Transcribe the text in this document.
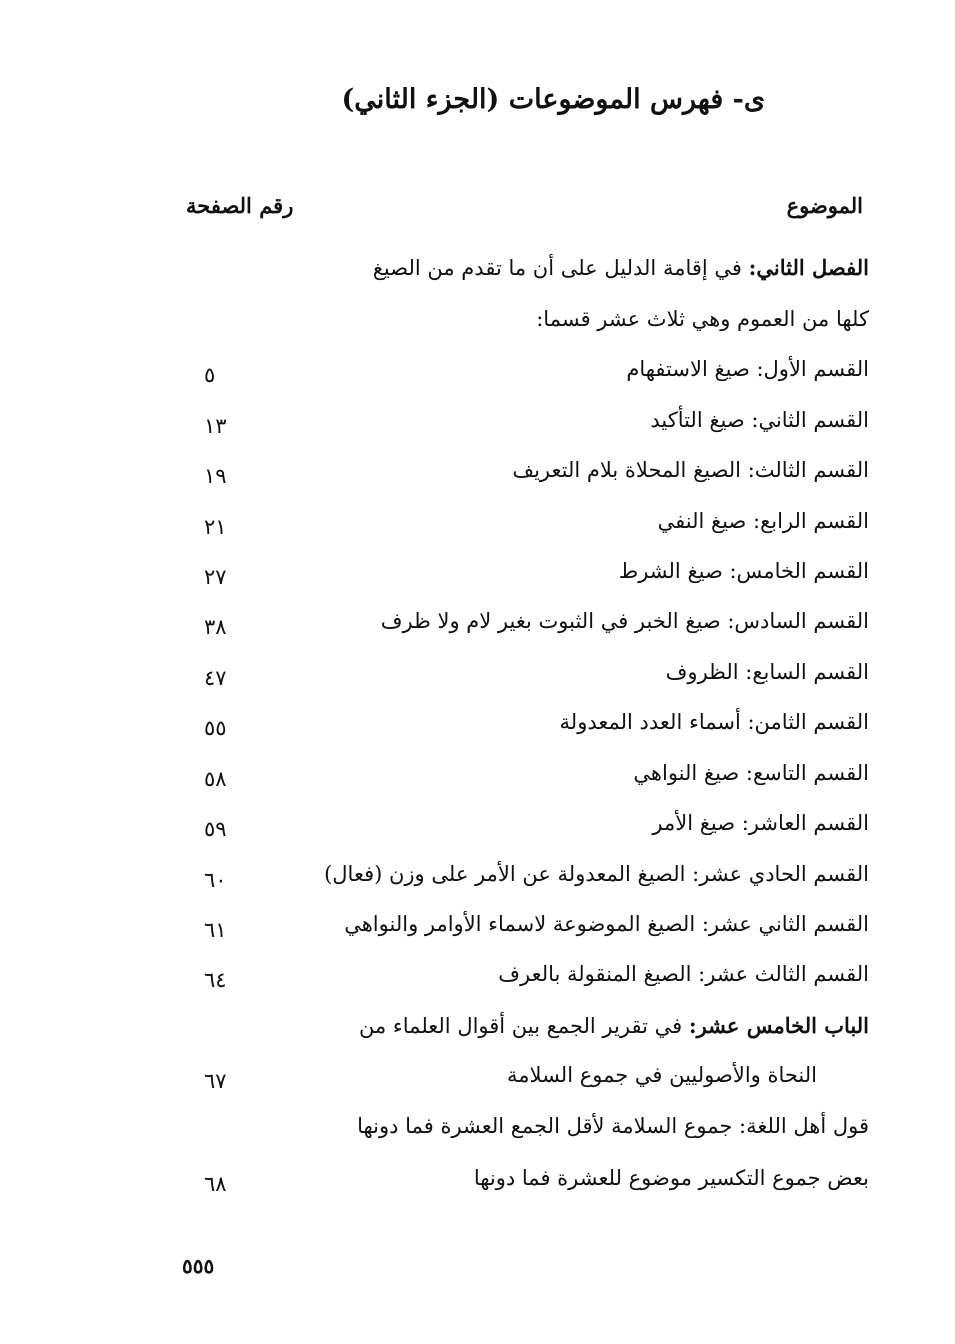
ى- فهرس الموضوعات (الجزء الثاني)
الموضوع
رقم الصفحة
الفصل الثاني: في إقامة الدليل على أن ما تقدم من الصيغ
كلها من العموم وهي ثلاث عشر قسما:
القسم الأول: صيغ الاستفهام
٥
القسم الثاني: صيغ التأكيد
١٣
القسم الثالث: الصيغ المحلاة بلام التعريف
١٩
القسم الرابع: صيغ النفي
٢١
القسم الخامس: صيغ الشرط
٢٧
القسم السادس: صيغ الخبر في الثبوت بغير لام ولا ظرف
٣٨
القسم السابع: الظروف
٤٧
القسم الثامن: أسماء العدد المعدولة
٥٥
القسم التاسع: صيغ النواهي
٥٨
القسم العاشر: صيغ الأمر
٥٩
القسم الحادي عشر: الصيغ المعدولة عن الأمر على وزن (فعال)
٦٠
القسم الثاني عشر: الصيغ الموضوعة لاسماء الأوامر والنواهي
٦١
القسم الثالث عشر: الصيغ المنقولة بالعرف
٦٤
الباب الخامس عشر: في تقرير الجمع بين أقوال العلماء من
النحاة والأصوليين في جموع السلامة
٦٧
قول أهل اللغة: جموع السلامة لأقل الجمع العشرة فما دونها
بعض جموع التكسير موضوع للعشرة فما دونها
٦٨
٥٥٥
